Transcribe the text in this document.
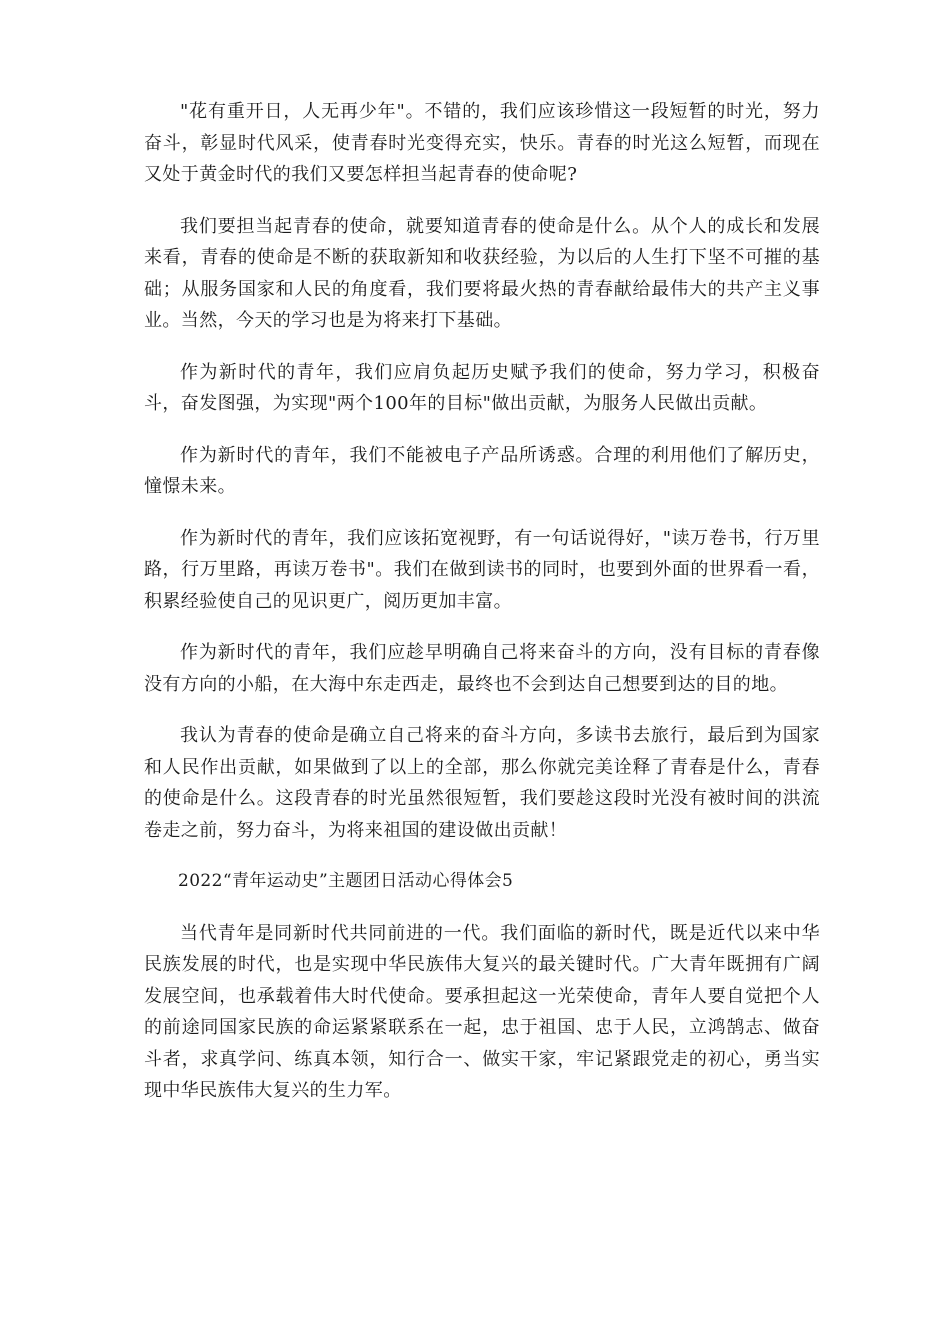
"花有重开日，人无再少年"。不错的，我们应该珍惜这一段短暂的时光，努力奋斗，彰显时代风采，使青春时光变得充实，快乐。青春的时光这么短暂，而现在又处于黄金时代的我们又要怎样担当起青春的使命呢?

我们要担当起青春的使命，就要知道青春的使命是什么。从个人的成长和发展来看，青春的使命是不断的获取新知和收获经验，为以后的人生打下坚不可摧的基础；从服务国家和人民的角度看，我们要将最火热的青春献给最伟大的共产主义事业。当然，今天的学习也是为将来打下基础。

作为新时代的青年，我们应肩负起历史赋予我们的使命，努力学习，积极奋斗，奋发图强，为实现"两个100年的目标"做出贡献，为服务人民做出贡献。

作为新时代的青年，我们不能被电子产品所诱惑。合理的利用他们了解历史，憧憬未来。

作为新时代的青年，我们应该拓宽视野，有一句话说得好，"读万卷书，行万里路，行万里路，再读万卷书"。我们在做到读书的同时，也要到外面的世界看一看，积累经验使自己的见识更广，阅历更加丰富。

作为新时代的青年，我们应趁早明确自己将来奋斗的方向，没有目标的青春像没有方向的小船，在大海中东走西走，最终也不会到达自己想要到达的目的地。

我认为青春的使命是确立自己将来的奋斗方向，多读书去旅行，最后到为国家和人民作出贡献，如果做到了以上的全部，那么你就完美诠释了青春是什么，青春的使命是什么。这段青春的时光虽然很短暂，我们要趁这段时光没有被时间的洪流卷走之前，努力奋斗，为将来祖国的建设做出贡献！

2022“青年运动史”主题团日活动心得体会5

当代青年是同新时代共同前进的一代。我们面临的新时代，既是近代以来中华民族发展的时代，也是实现中华民族伟大复兴的最关键时代。广大青年既拥有广阔发展空间，也承载着伟大时代使命。要承担起这一光荣使命，青年人要自觉把个人的前途同国家民族的命运紧紧联系在一起，忠于祖国、忠于人民，立鸿鹄志、做奋斗者，求真学问、练真本领，知行合一、做实干家，牢记紧跟党走的初心，勇当实现中华民族伟大复兴的生力军。
